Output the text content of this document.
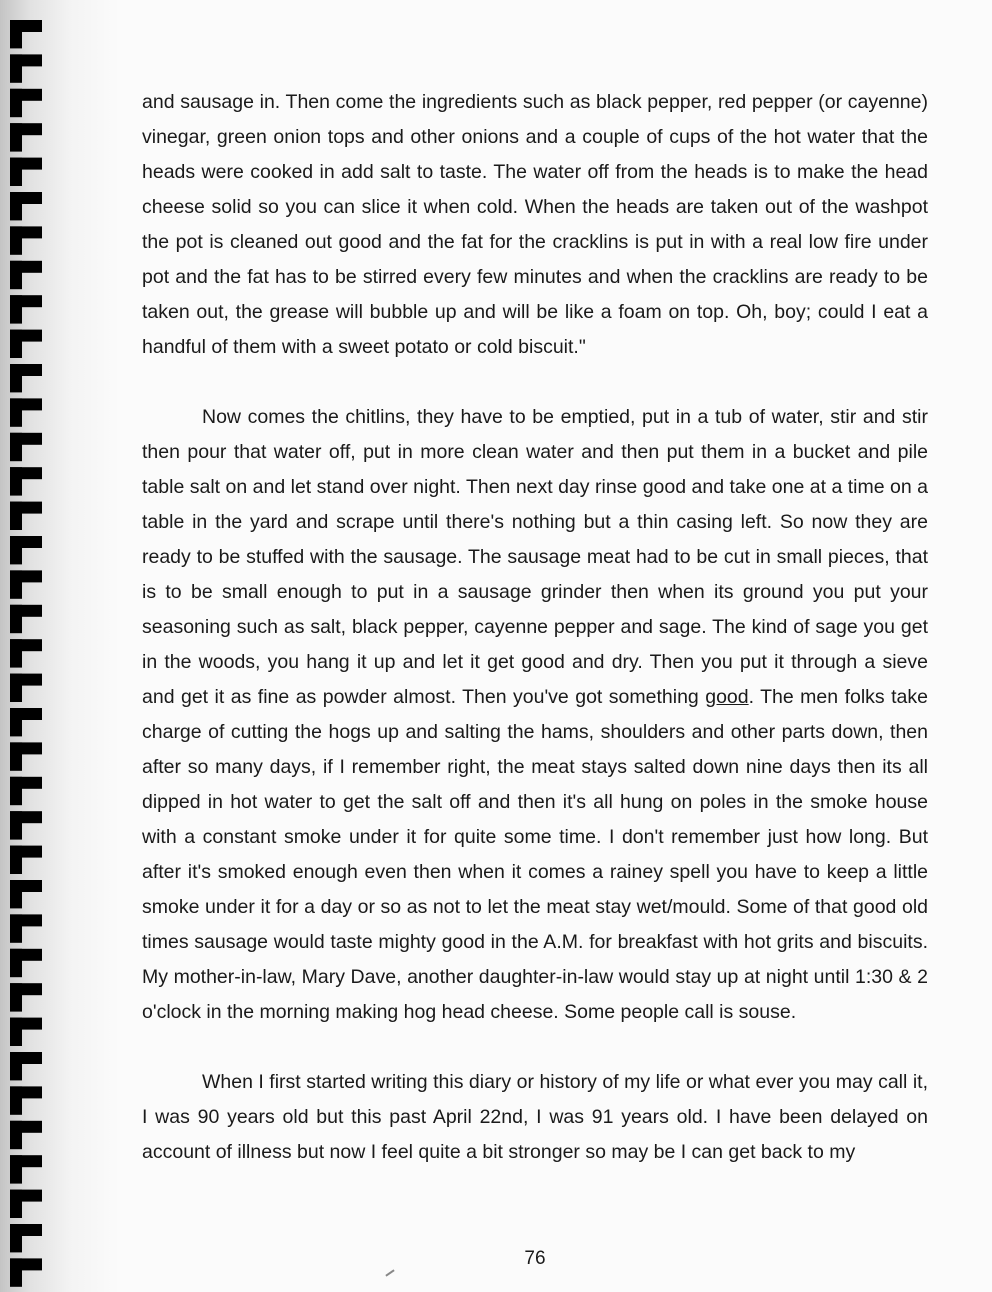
and sausage in. Then come the ingredients such as black pepper, red pepper (or cayenne) vinegar, green onion tops and other onions and a couple of cups of the hot water that the heads were cooked in add salt to taste. The water off from the heads is to make the head cheese solid so you can slice it when cold. When the heads are taken out of the washpot the pot is cleaned out good and the fat for the cracklins is put in with a real low fire under pot and the fat has to be stirred every few minutes and when the cracklins are ready to be taken out, the grease will bubble up and will be like a foam on top. Oh, boy; could I eat a handful of them with a sweet potato or cold biscuit."

Now comes the chitlins, they have to be emptied, put in a tub of water, stir and stir then pour that water off, put in more clean water and then put them in a bucket and pile table salt on and let stand over night. Then next day rinse good and take one at a time on a table in the yard and scrape until there's nothing but a thin casing left. So now they are ready to be stuffed with the sausage. The sausage meat had to be cut in small pieces, that is to be small enough to put in a sausage grinder then when its ground you put your seasoning such as salt, black pepper, cayenne pepper and sage. The kind of sage you get in the woods, you hang it up and let it get good and dry. Then you put it through a sieve and get it as fine as powder almost. Then you've got something good. The men folks take charge of cutting the hogs up and salting the hams, shoulders and other parts down, then after so many days, if I remember right, the meat stays salted down nine days then its all dipped in hot water to get the salt off and then it's all hung on poles in the smoke house with a constant smoke under it for quite some time. I don't remember just how long. But after it's smoked enough even then when it comes a rainey spell you have to keep a little smoke under it for a day or so as not to let the meat stay wet/mould. Some of that good old times sausage would taste mighty good in the A.M. for breakfast with hot grits and biscuits. My mother-in-law, Mary Dave, another daughter-in-law would stay up at night until 1:30 & 2 o'clock in the morning making hog head cheese. Some people call is souse.

When I first started writing this diary or history of my life or what ever you may call it, I was 90 years old but this past April 22nd, I was 91 years old. I have been delayed on account of illness but now I feel quite a bit stronger so may be I can get back to my

76
